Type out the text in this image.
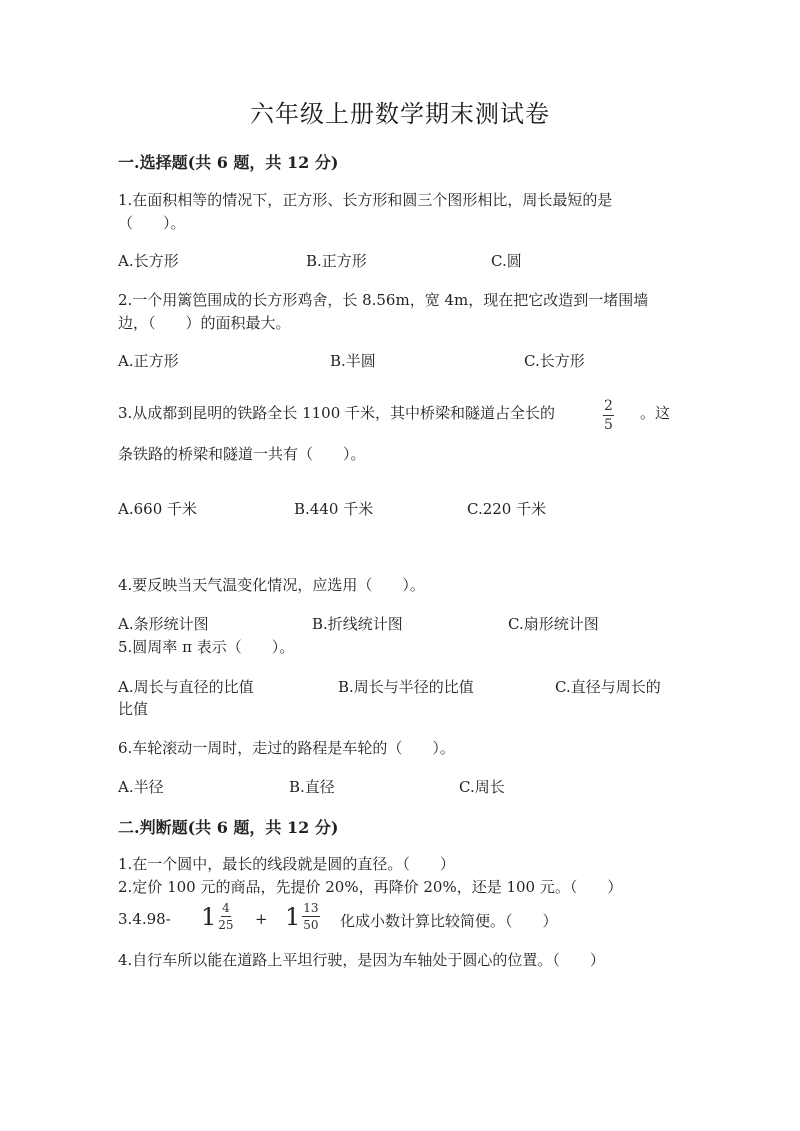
六年级上册数学期末测试卷
一.选择题(共 6 题，共 12 分)
1.在面积相等的情况下，正方形、长方形和圆三个图形相比，周长最短的是
（　　）。
A.长方形	B.正方形	C.圆
2.一个用篱笆围成的长方形鸡舍，长 8.56m，宽 4m，现在把它改造到一堵围墙
边，（　　）的面积最大。
A.正方形	B.半圆	C.长方形
3.从成都到昆明的铁路全长 1100 千米，其中桥梁和隧道占全长的	$\frac{2}{5}$ 。这
条铁路的桥梁和隧道一共有（　　）。
A.660 千米	B.440 千米	C.220 千米
4.要反映当天气温变化情况，应选用（　　）。
A.条形统计图	B.折线统计图	C.扇形统计图
5.圆周率 π 表示（　　）。
A.周长与直径的比值	B.周长与半径的比值	C.直径与周长的
比值
6.车轮滚动一周时，走过的路程是车轮的（　　）。
A.半径	B.直径	C.周长
二.判断题(共 6 题，共 12 分)
1.在一个圆中，最长的线段就是圆的直径。（　　）
2.定价 100 元的商品，先提价 20%，再降价 20%，还是 100 元。（　　）
3.4.98- $1 \frac{4}{25} + 1 \frac{13}{50}$ 化成小数计算比较简便。（　　）
4.自行车所以能在道路上平坦行驶，是因为车轴处于圆心的位置。（　　）
